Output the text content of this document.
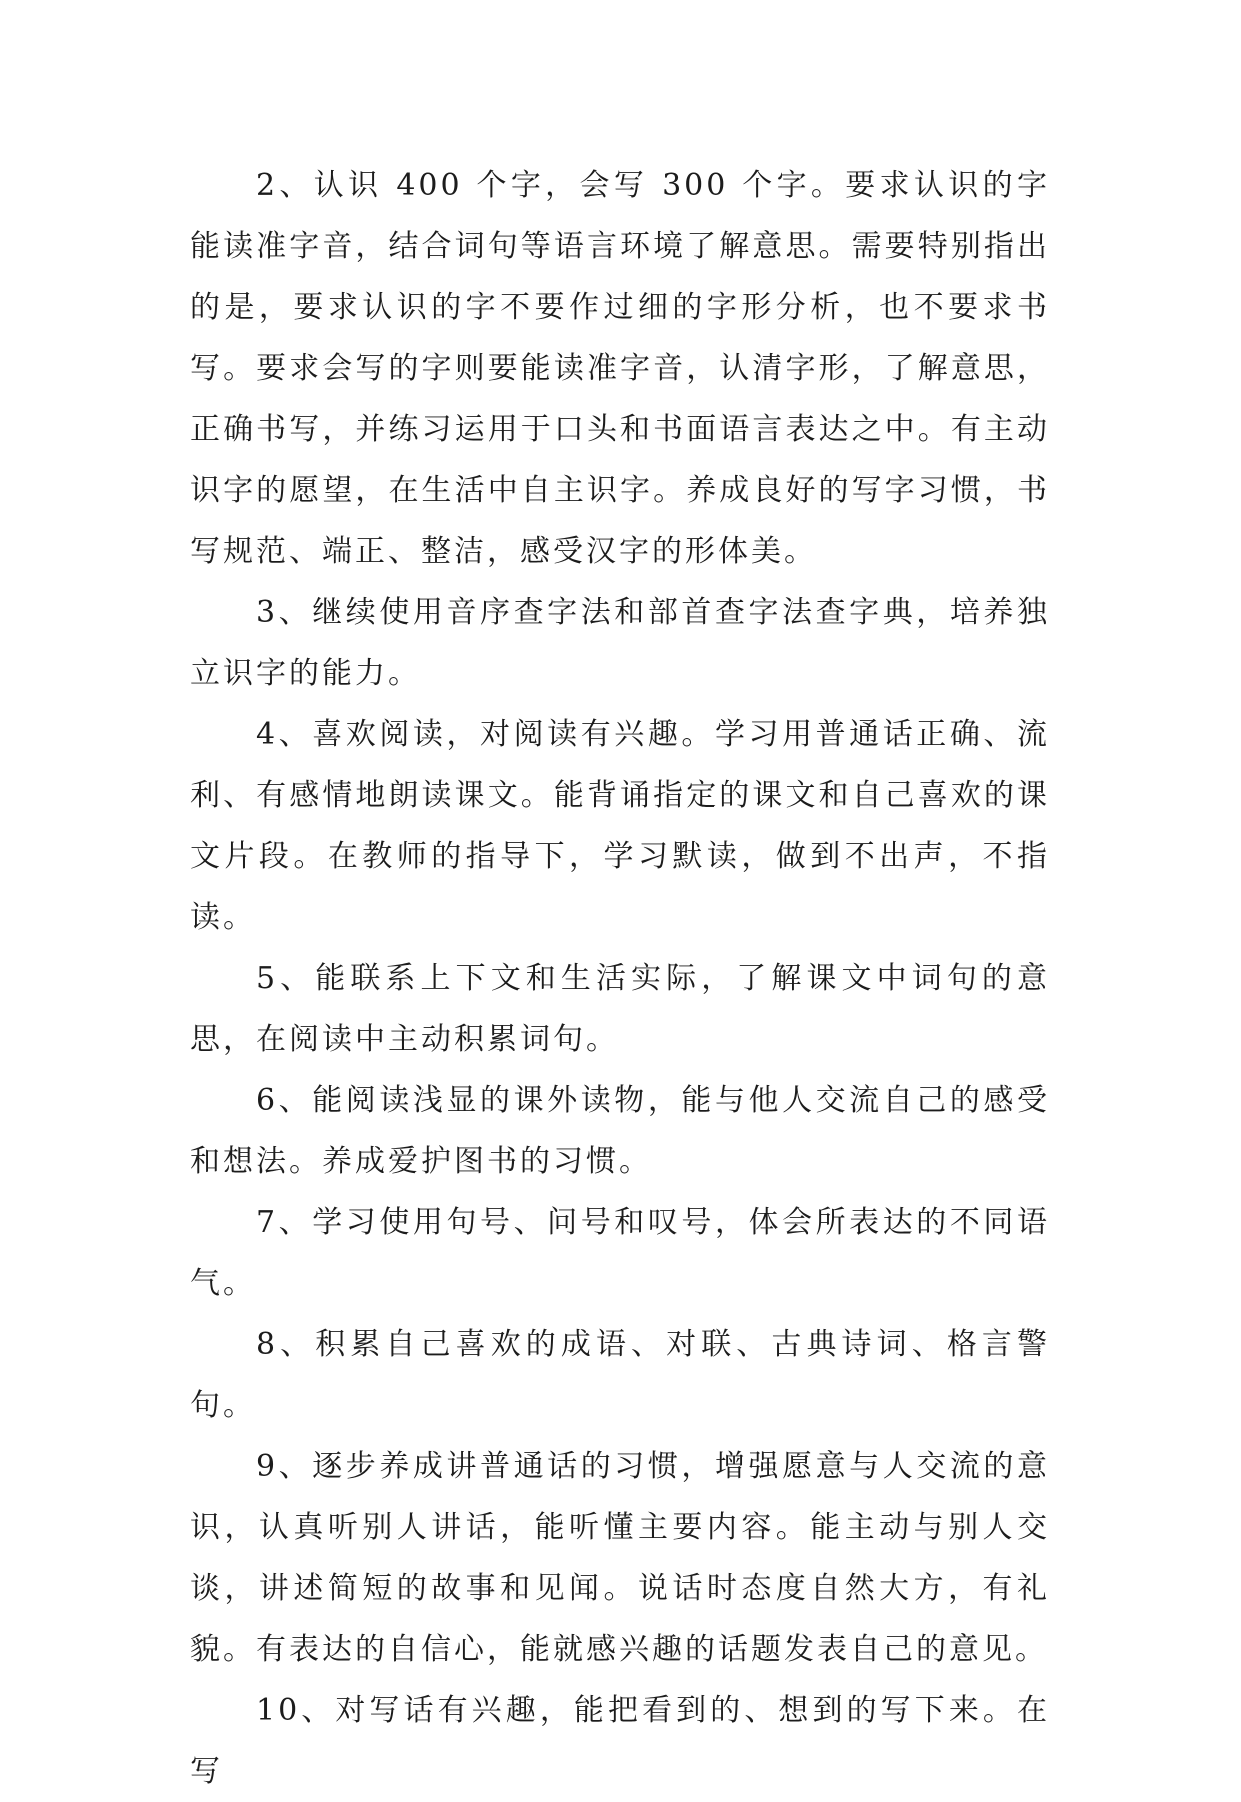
2、认识 400 个字，会写 300 个字。要求认识的字能读准字音，结合词句等语言环境了解意思。需要特别指出的是，要求认识的字不要作过细的字形分析，也不要求书写。要求会写的字则要能读准字音，认清字形，了解意思，正确书写，并练习运用于口头和书面语言表达之中。有主动识字的愿望，在生活中自主识字。养成良好的写字习惯，书写规范、端正、整洁，感受汉字的形体美。

3、继续使用音序查字法和部首查字法查字典，培养独立识字的能力。

4、喜欢阅读，对阅读有兴趣。学习用普通话正确、流利、有感情地朗读课文。能背诵指定的课文和自己喜欢的课文片段。在教师的指导下，学习默读，做到不出声，不指读。

5、能联系上下文和生活实际，了解课文中词句的意思，在阅读中主动积累词句。

6、能阅读浅显的课外读物，能与他人交流自己的感受和想法。养成爱护图书的习惯。

7、学习使用句号、问号和叹号，体会所表达的不同语气。

8、积累自己喜欢的成语、对联、古典诗词、格言警句。

9、逐步养成讲普通话的习惯，增强愿意与人交流的意识，认真听别人讲话，能听懂主要内容。能主动与别人交谈，讲述简短的故事和见闻。说话时态度自然大方，有礼貌。有表达的自信心，能就感兴趣的话题发表自己的意见。

10、对写话有兴趣，能把看到的、想到的写下来。在写
